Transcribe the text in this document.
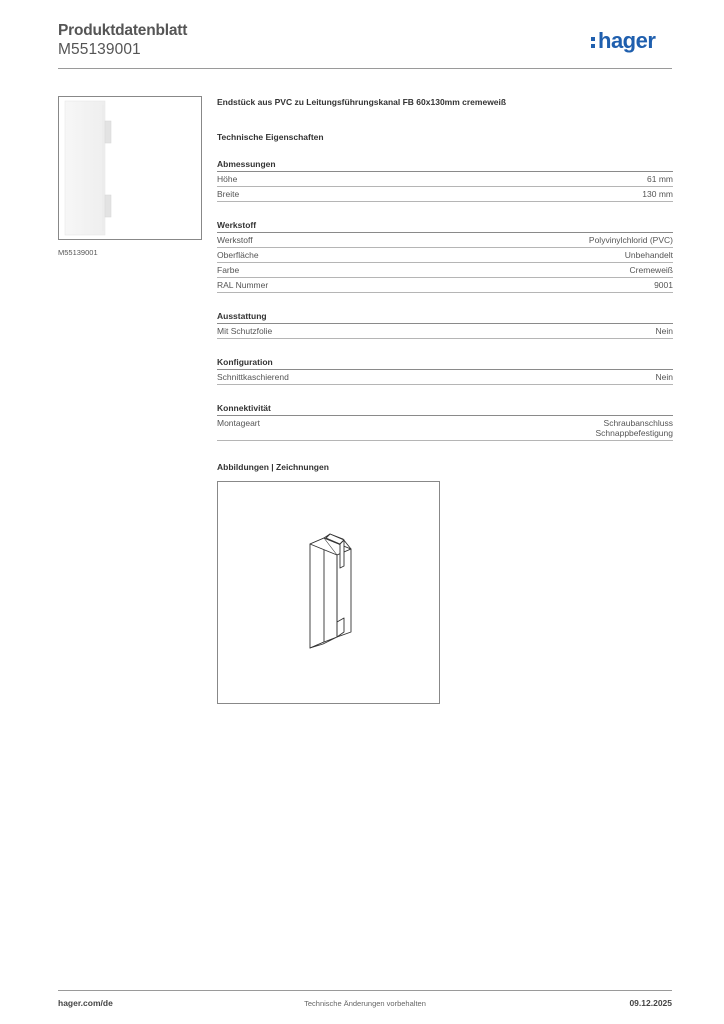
Produktdatenblatt
M55139001	hager
M55139001
Endstück aus PVC zu Leitungsführungskanal FB 60x130mm cremeweiß
Technische Eigenschaften
Abmessungen
Höhe	61 mm
Breite	130 mm
Werkstoff
Werkstoff	Polyvinylchlorid (PVC)
Oberfläche	Unbehandelt
Farbe	Cremeweiß
RAL Nummer	9001
Ausstattung
Mit Schutzfolie	Nein
Konfiguration
Schnittkaschierend	Nein
Konnektivität
Montageart	Schraubanschluss
Schnappbefestigung
Abbildungen | Zeichnungen
hager.com/de	Technische Änderungen vorbehalten	09.12.2025
